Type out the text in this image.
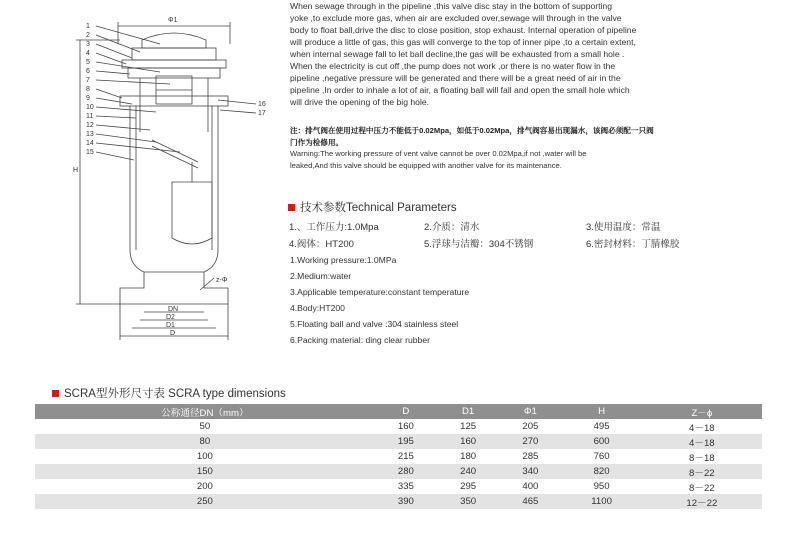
Φ1
H
z-Φ
DN
D2
D1
D
1
2
3
4
5
6
7
8
9
10
11
12
13
14
15
16
17

When sewage through in the pipeline ,this valve disc stay in the bottom of supporting

yoke ,to exclude more gas, when air are excluded over,sewage will through in the valve

body to float ball,drive the disc to close position, stop exhaust. Internal operation of pipeline

will produce a little of gas, this gas will converge to the top of inner pipe ,to a certain extent,

when internal sewage fall to let ball decline,the gas will be exhausted from a small hole .

When the electricity is cut off ,the pump does not work ,or there is no water flow in the

pipeline ,negative pressure will be generated and there will be a great need of air in the

pipeline ,In order to inhale a lot of air, a floating ball will fall and open the small hole which

will drive the opening of the big hole.

注：排气阀在使用过程中压力不能低于0.02Mpa，如低于0.02Mpa，排气阀容易出现漏水，该阀必须配一只阀
门作为检修用。
Warning:The working pressure of vent valve cannot be over 0.02Mpa,if not ,water will be
leaked,And this valve should be equipped with another valve for its maintenance.
技术参数Technical Parameters
1.、工作压力:1.0Mpa	2.介质：清水	3.使用温度：常温
4.阀体：HT200	5.浮球与洁瓣：304不锈钢	6.密封材料：丁腈橡胶
1.Working pressure:1.0MPa
2.Medium:water
3.Applicable temperature:constant temperature
4.Body:HT200
5.Floating ball and valve :304 stainless steel
6.Packing material: ding clear rubber
SCRA型外形尺寸表 SCRA type dimensions
公称通径DN（mm）	D	D1	Φ1	H	Z－ϕ
50	160	125	205	495	4－18
80	195	160	270	600	4－18
100	215	180	285	760	8－18
150	280	240	340	820	8－22
200	335	295	400	950	8－22
250	390	350	465	1100	12－22
